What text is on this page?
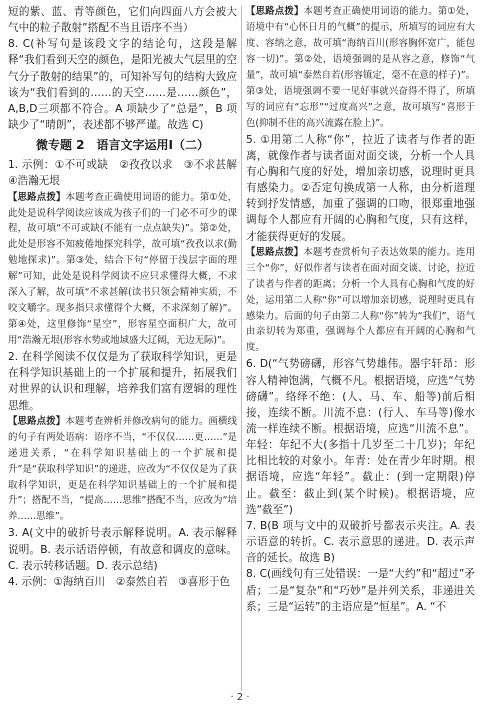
短的紫、蓝、青等颜色，它们向四面八方会被大气中的粒子散射”搭配不当且语序不当）

8. C(补写句是该段文字的结论句，这段是解释“我们看到天空的颜色，是阳光被大气层里的空气分子散射的结果”的，可知补写句的结构大致应该为“我们看到的……的天空……是……颜色”，A,B,D三项都不符合。A 项缺少了“总是”，B 项缺少了“晴朗”，表述都不够严谨。故选 C)

微专题 2　语言文字运用Ⅰ（二）

1. 示例：①不可或缺　②孜孜以求　③不求甚解　④浩瀚无垠

【思路点拨】本题考查正确使用词语的能力。第①处，此处是说科学阅读应该成为孩子们的一门必不可少的课程，故可填“不可或缺(不能有一点点缺失)”。第②处，此处是形容不知疲倦地探究科学，故可填“孜孜以求(勤勉地探求)”。第③处，结合下句“停留于浅层字面的理解”可知，此处是说科学阅读不应只求懂得大概，不求深入了解，故可填“不求甚解(读书只领会精神实质，不咬文嚼字。现多指只求懂得个大概，不求深刻了解)”。第④处，这里修饰“星空”，形容星空面积广大，故可用“浩瀚无垠(形容水势或地域盛大辽阔，无边无际)”。

2. 在科学阅读不仅仅是为了获取科学知识，更是在科学知识基础上的一个扩展和提升，拓展我们对世界的认识和理解，培养我们富有逻辑的理性思维。

【思路点拨】本题考查辨析并修改病句的能力。画横线的句子有两处语病：语序不当，“不仅仅……更……”是递进关系，“在科学知识基础上的一个扩展和提升”是“获取科学知识”的递进，应改为“不仅仅是为了获取科学知识，更是在科学知识基础上的一个扩展和提升”；搭配不当，“提高……思维”搭配不当，应改为“培养……思维”。

3. A(文中的破折号表示解释说明。A. 表示解释说明。B. 表示话语停顿，有故意和调皮的意味。C. 表示转移话题。D. 表示总结)

4. 示例：①海纳百川　②泰然自若　③喜形于色

【思路点拨】本题考查正确使用词语的能力。第①处，语境中有“心怀日月的气概”的提示，所填写的词应有大度、容纳之意，故可填“海纳百川(形容胸怀宽广，能包容一切)”。第②处，语境强调的是从容之意，修饰“气量”，故可填“泰然自若(形容镇定，毫不在意的样子)”。第③处，语境强调不要一见好事就兴奋得不得了，所填写的词应有“忘形”“过度高兴”之意，故可填写“喜形于色(抑制不住的高兴流露在脸上)”。

5. ①用第二人称“你”，拉近了读者与作者的距离，就像作者与读者面对面交谈，分析一个人具有心胸和气度的好处，增加亲切感，说理时更具有感染力。②否定句换成第一人称，由分析道理转到抒发情感，加重了强调的口吻，很郑重地强调每个人都应有开阔的心胸和气度，只有这样，才能获得更好的发展。

【思路点拨】本题考查赏析句子表达效果的能力。连用三个“你”，好似作者与读者在面对面交谈、讨论，拉近了读者与作者的距离；分析一个人具有心胸和气度的好处，运用第二人称“你”可以增加亲切感，说理时更具有感染力。后面的句子由第二人称“你”转为“我们”，语气由亲切转为郑重，强调每个人都应有开阔的心胸和气度。

6. D(“气势磅礴，形容气势雄伟。器宇轩昂：形容人精神饱满，气概不凡。根据语境，应选“气势磅礴”。络绎不绝：(人、马、车、船等)前后相接，连续不断。川流不息：(行人、车马等)像水流一样连续不断。根据语境，应选“川流不息”。年轻：年纪不大(多指十几岁至二十几岁)；年纪比相比较的对象小。年青：处在青少年时期。根据语境，应选“年轻”。截止：(到一定期限)停止。截至：截止到(某个时候)。根据语境，应选“截至”)

7. B(B 项与文中的双破折号都表示夹注。A. 表示语意的转折。C. 表示意思的递进。D. 表示声音的延长。故选 B)

8. C(画线句有三处错误：一是“大约”和“超过”矛盾；二是“复杂”和“巧妙”是并列关系，非递进关系；三是“运转”的主语应是“恒星”。A. “不

· 2 ·
